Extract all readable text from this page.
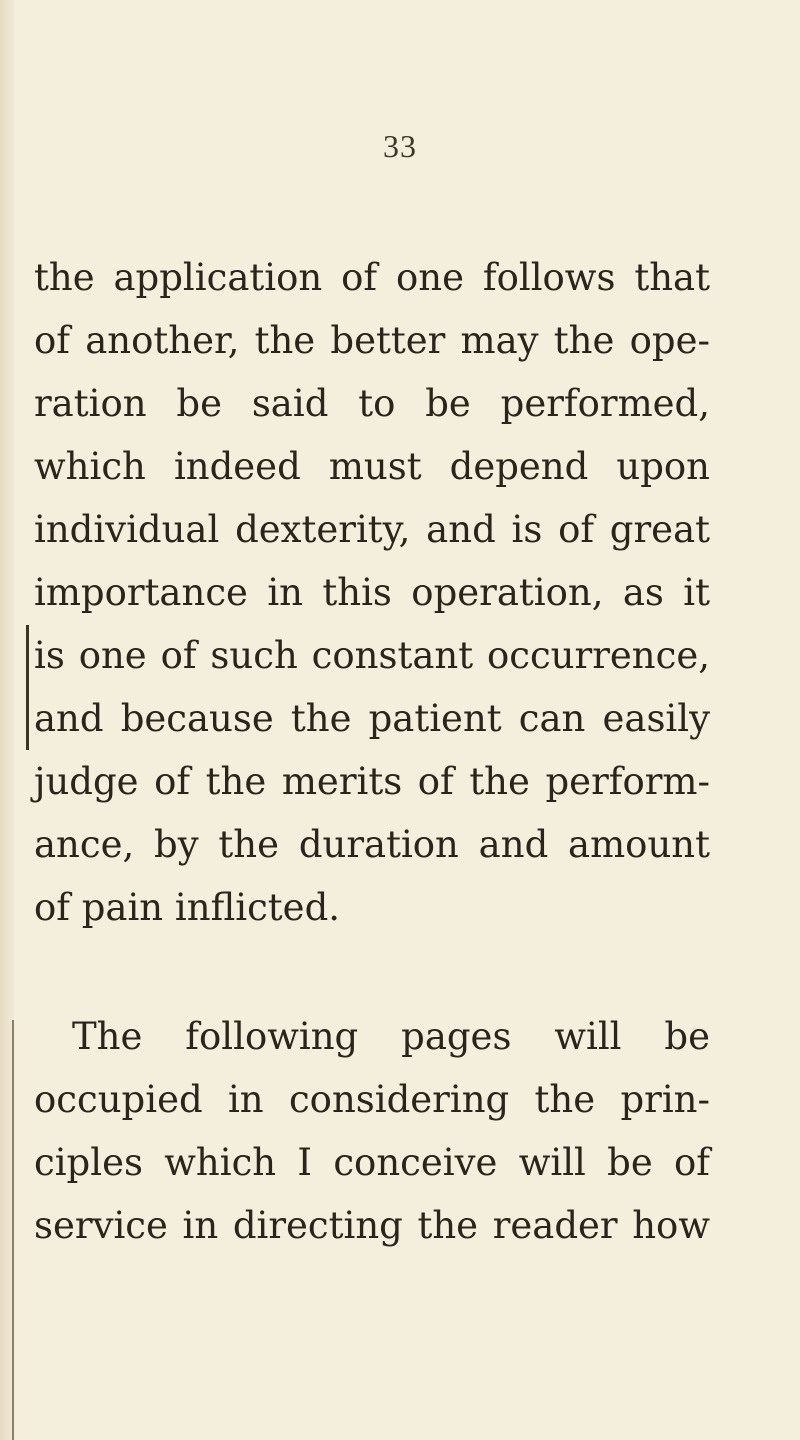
33
the application of one follows that
of another, the better may the ope-
ration be said to be performed,
which indeed must depend upon
individual dexterity, and is of great
importance in this operation, as it
is one of such constant occurrence,
and because the patient can easily
judge of the merits of the perform-
ance, by the duration and amount
of pain inflicted.
The following pages will be
occupied in considering the prin-
ciples which I conceive will be of
service in directing the reader how
